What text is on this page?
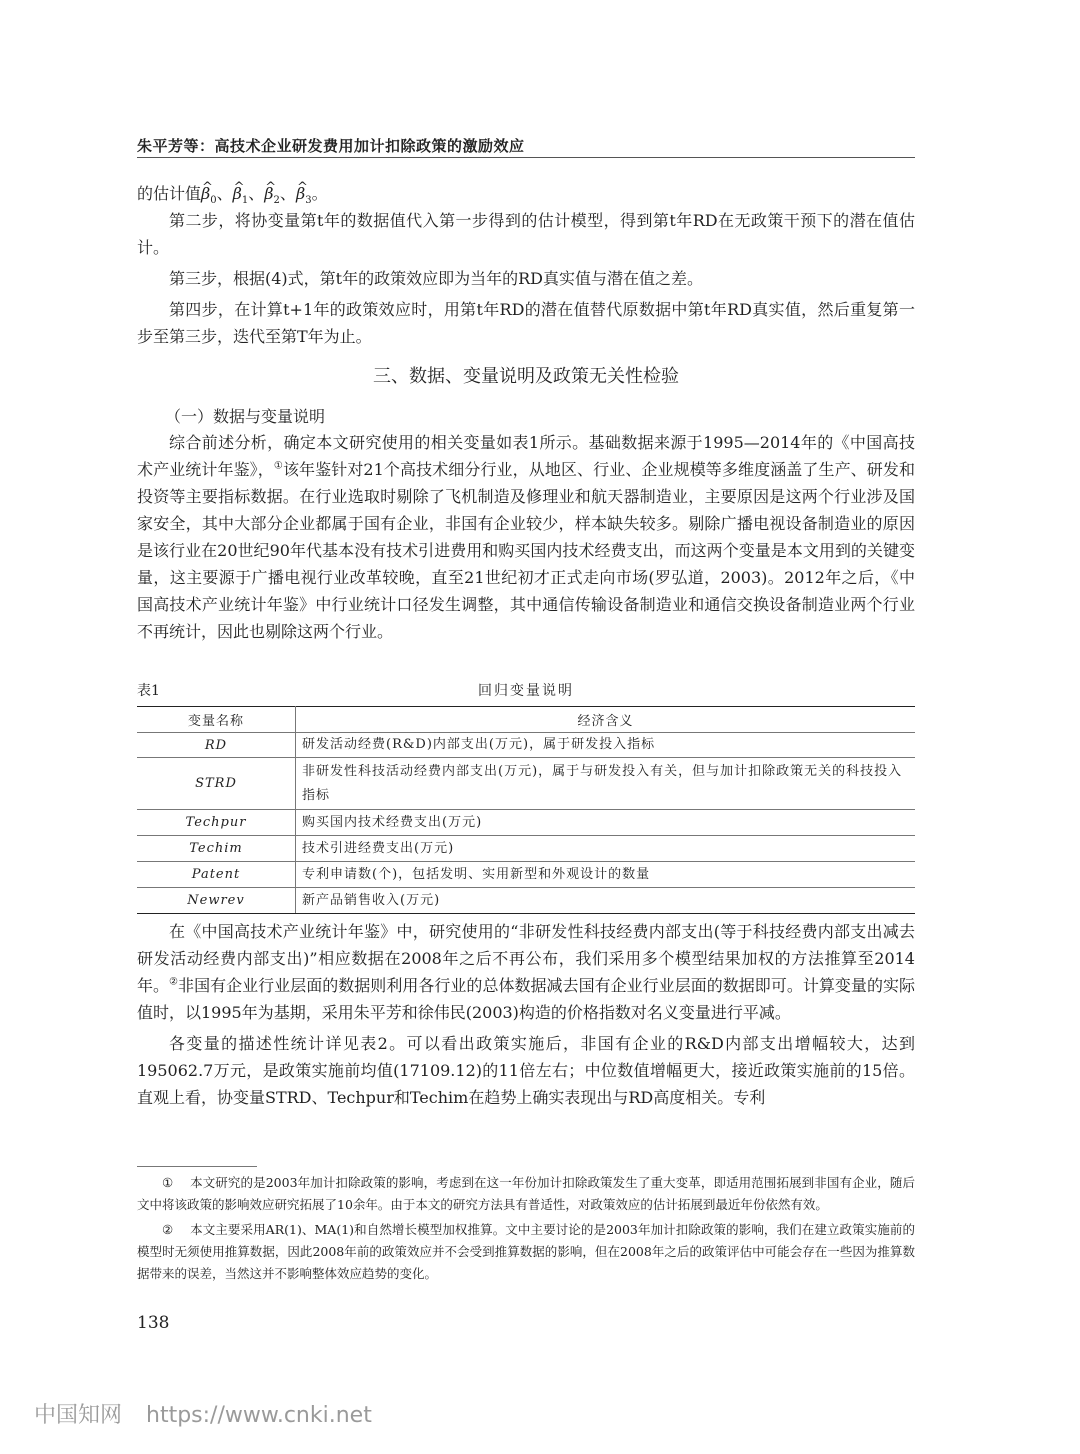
朱平芳等：高技术企业研发费用加计扣除政策的激励效应
的估计值^ $\beta_0$、^ $\beta_1$、^ $\beta_2$、^ $\beta_3$。

第二步，将协变量第t年的数据值代入第一步得到的估计模型，得到第t年RD在无政策干预下的潜在值估计。

第三步，根据(4)式，第t年的政策效应即为当年的RD真实值与潜在值之差。

第四步，在计算t+1年的政策效应时，用第t年RD的潜在值替代原数据中第t年RD真实值，然后重复第一步至第三步，迭代至第T年为止。

三、数据、变量说明及政策无关性检验
（一）数据与变量说明

综合前述分析，确定本文研究使用的相关变量如表1所示。基础数据来源于1995—2014年的《中国高技术产业统计年鉴》，①该年鉴针对21个高技术细分行业，从地区、行业、企业规模等多维度涵盖了生产、研发和投资等主要指标数据。在行业选取时剔除了飞机制造及修理业和航天器制造业，主要原因是这两个行业涉及国家安全，其中大部分企业都属于国有企业，非国有企业较少，样本缺失较多。剔除广播电视设备制造业的原因是该行业在20世纪90年代基本没有技术引进费用和购买国内技术经费支出，而这两个变量是本文用到的关键变量，这主要源于广播电视行业改革较晚，直至21世纪初才正式走向市场(罗弘道，2003)。2012年之后，《中国高技术产业统计年鉴》中行业统计口径发生调整，其中通信传输设备制造业和通信交换设备制造业两个行业不再统计，因此也剔除这两个行业。

表1	回归变量说明
变量名称	经济含义
RD	研发活动经费(R&D)内部支出(万元)，属于研发投入指标
STRD	非研发性科技活动经费内部支出(万元)，属于与研发投入有关，但与加计扣除政策无关的科技投入指标
Techpur	购买国内技术经费支出(万元)
Techim	技术引进经费支出(万元)
Patent	专利申请数(个)，包括发明、实用新型和外观设计的数量
Newrev	新产品销售收入(万元)

在《中国高技术产业统计年鉴》中，研究使用的“非研发性科技经费内部支出(等于科技经费内部支出减去研发活动经费内部支出)”相应数据在2008年之后不再公布，我们采用多个模型结果加权的方法推算至2014年。②非国有企业行业层面的数据则利用各行业的总体数据减去国有企业行业层面的数据即可。计算变量的实际值时，以1995年为基期，采用朱平芳和徐伟民(2003)构造的价格指数对名义变量进行平减。

各变量的描述性统计详见表2。可以看出政策实施后，非国有企业的R&D内部支出增幅较大，达到195062.7万元，是政策实施前均值(17109.12)的11倍左右；中位数值增幅更大，接近政策实施前的15倍。直观上看，协变量STRD、Techpur和Techim在趋势上确实表现出与RD高度相关。专利

① 本文研究的是2003年加计扣除政策的影响，考虑到在这一年份加计扣除政策发生了重大变革，即适用范围拓展到非国有企业，随后文中将该政策的影响效应研究拓展了10余年。由于本文的研究方法具有普适性，对政策效应的估计拓展到最近年份依然有效。

② 本文主要采用AR(1)、MA(1)和自然增长模型加权推算。文中主要讨论的是2003年加计扣除政策的影响，我们在建立政策实施前的模型时无须使用推算数据，因此2008年前的政策效应并不会受到推算数据的影响，但在2008年之后的政策评估中可能会存在一些因为推算数据带来的误差，当然这并不影响整体效应趋势的变化。

138
中国知网 https://www.cnki.net
